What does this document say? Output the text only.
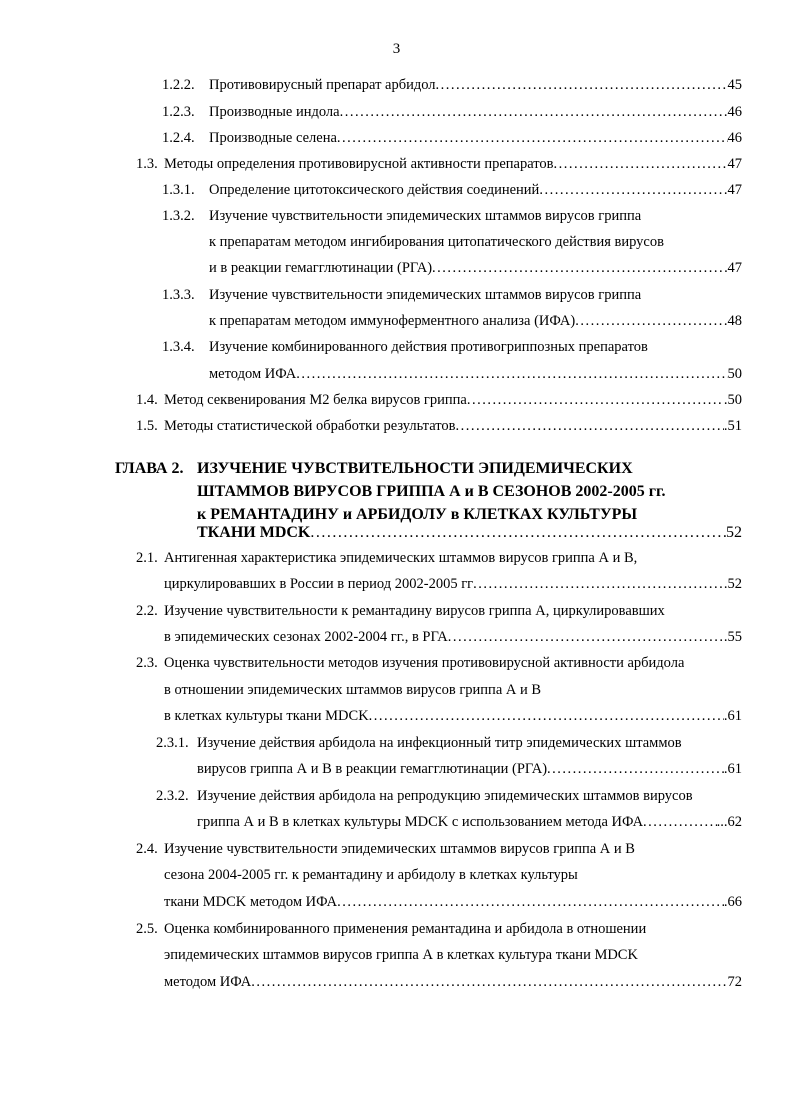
3
1.2.2. Противовирусный препарат арбидол .....	45
1.2.3. Производные индола .....	.46
1.2.4. Производные селена .....	46
1.3. Методы определения противовирусной активности препаратов .....	47
1.3.1. Определение цитотоксического действия соединений .....	47
1.3.2. Изучение чувствительности эпидемических штаммов вирусов гриппа
к препаратам методом ингибирования цитопатического действия вирусов
и в реакции гемагглютинации (РГА) .....	47
1.3.3. Изучение чувствительности эпидемических штаммов вирусов гриппа
к препаратам методом иммуноферментного анализа (ИФА) .....	.48
1.3.4. Изучение комбинированного действия противогриппозных препаратов
методом ИФА .....	50
1.4. Метод секвенирования М2 белка вирусов гриппа .....	.50
1.5. Методы статистической обработки результатов .....	.51
ГЛАВА 2. ИЗУЧЕНИЕ ЧУВСТВИТЕЛЬНОСТИ ЭПИДЕМИЧЕСКИХ
ШТАММОВ ВИРУСОВ ГРИППА А и В СЕЗОНОВ 2002-2005 гг.
к РЕМАНТАДИНУ и АРБИДОЛУ в КЛЕТКАХ КУЛЬТУРЫ
ТКАНИ MDCK .....	52
2.1. Антигенная характеристика эпидемических штаммов вирусов гриппа А и В,
циркулировавших в России в период 2002-2005 гг .....	.52
2.2. Изучение чувствительности к ремантадину вирусов гриппа А, циркулировавших
в эпидемических сезонах 2002-2004 гг., в РГА .....	.55
2.3. Оценка чувствительности методов изучения противовирусной активности арбидола
в отношении эпидемических штаммов вирусов гриппа А и В
в клетках культуры ткани MDCK .....	.61
2.3.1. Изучение действия арбидола на инфекционный титр эпидемических штаммов
вирусов гриппа А и В в реакции гемагглютинации (РГА) .....	.61
2.3.2. Изучение действия арбидола на репродукцию эпидемических штаммов вирусов
гриппа А и В в клетках культуры MDCK с использованием метода ИФА .....	...62
2.4. Изучение чувствительности эпидемических штаммов вирусов гриппа А и В
сезона 2004-2005 гг. к ремантадину и арбидолу в клетках культуры
ткани MDCK методом ИФА .....	.66
2.5. Оценка комбинированного применения ремантадина и арбидола в отношении
эпидемических штаммов вирусов гриппа А в клетках культура ткани MDCK
методом ИФА .....	72
